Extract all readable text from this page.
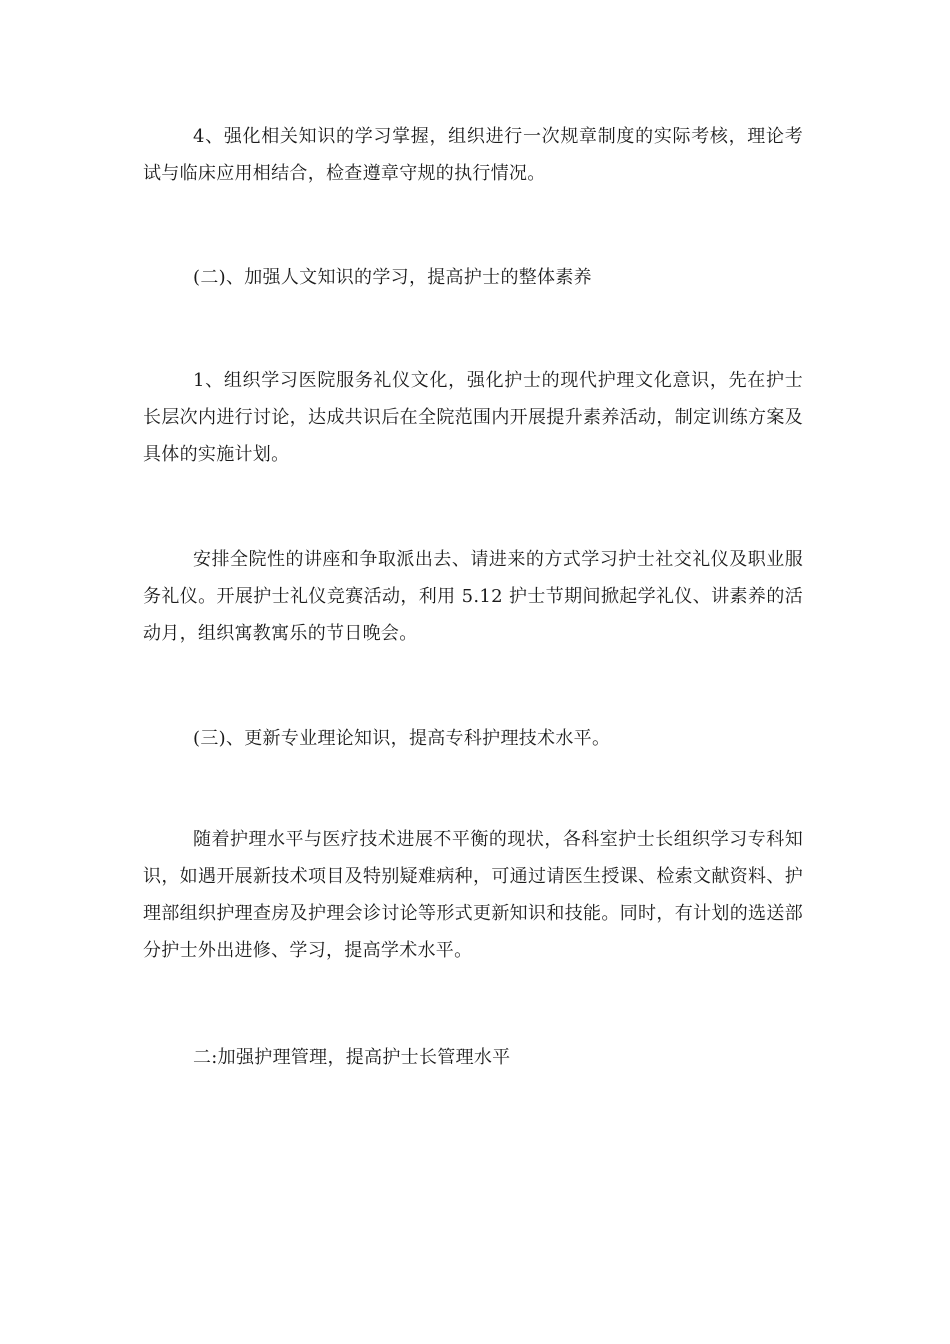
4、强化相关知识的学习掌握，组织进行一次规章制度的实际考核，理论考试与临床应用相结合，检查遵章守规的执行情况。

(二)、加强人文知识的学习，提高护士的整体素养

1、组织学习医院服务礼仪文化，强化护士的现代护理文化意识，先在护士长层次内进行讨论，达成共识后在全院范围内开展提升素养活动，制定训练方案及具体的实施计划。

安排全院性的讲座和争取派出去、请进来的方式学习护士社交礼仪及职业服务礼仪。开展护士礼仪竞赛活动，利用 5.12 护士节期间掀起学礼仪、讲素养的活动月，组织寓教寓乐的节日晚会。

(三)、更新专业理论知识，提高专科护理技术水平。

随着护理水平与医疗技术进展不平衡的现状，各科室护士长组织学习专科知识，如遇开展新技术项目及特别疑难病种，可通过请医生授课、检索文献资料、护理部组织护理查房及护理会诊讨论等形式更新知识和技能。同时，有计划的选送部分护士外出进修、学习，提高学术水平。

二:加强护理管理，提高护士长管理水平
